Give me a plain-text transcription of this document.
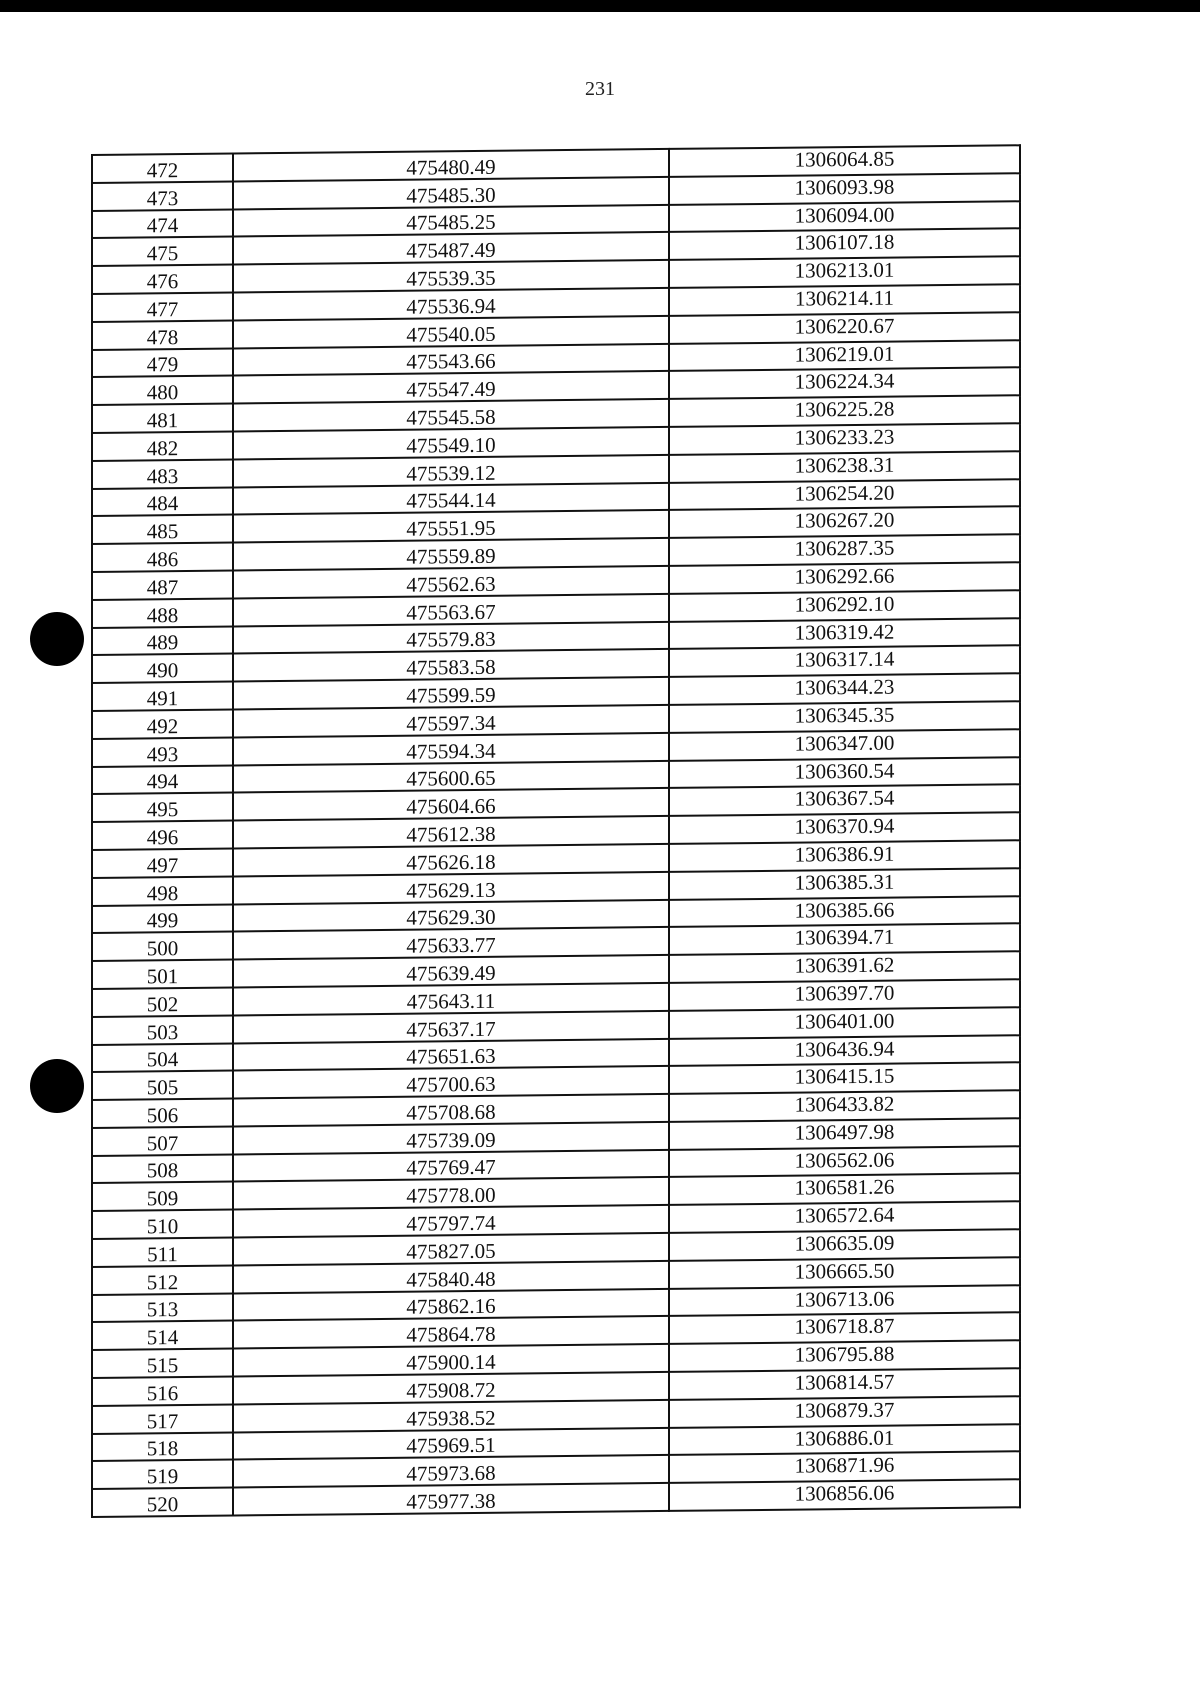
231
472	475480.49	1306064.85
473	475485.30	1306093.98
474	475485.25	1306094.00
475	475487.49	1306107.18
476	475539.35	1306213.01
477	475536.94	1306214.11
478	475540.05	1306220.67
479	475543.66	1306219.01
480	475547.49	1306224.34
481	475545.58	1306225.28
482	475549.10	1306233.23
483	475539.12	1306238.31
484	475544.14	1306254.20
485	475551.95	1306267.20
486	475559.89	1306287.35
487	475562.63	1306292.66
488	475563.67	1306292.10
489	475579.83	1306319.42
490	475583.58	1306317.14
491	475599.59	1306344.23
492	475597.34	1306345.35
493	475594.34	1306347.00
494	475600.65	1306360.54
495	475604.66	1306367.54
496	475612.38	1306370.94
497	475626.18	1306386.91
498	475629.13	1306385.31
499	475629.30	1306385.66
500	475633.77	1306394.71
501	475639.49	1306391.62
502	475643.11	1306397.70
503	475637.17	1306401.00
504	475651.63	1306436.94
505	475700.63	1306415.15
506	475708.68	1306433.82
507	475739.09	1306497.98
508	475769.47	1306562.06
509	475778.00	1306581.26
510	475797.74	1306572.64
511	475827.05	1306635.09
512	475840.48	1306665.50
513	475862.16	1306713.06
514	475864.78	1306718.87
515	475900.14	1306795.88
516	475908.72	1306814.57
517	475938.52	1306879.37
518	475969.51	1306886.01
519	475973.68	1306871.96
520	475977.38	1306856.06
